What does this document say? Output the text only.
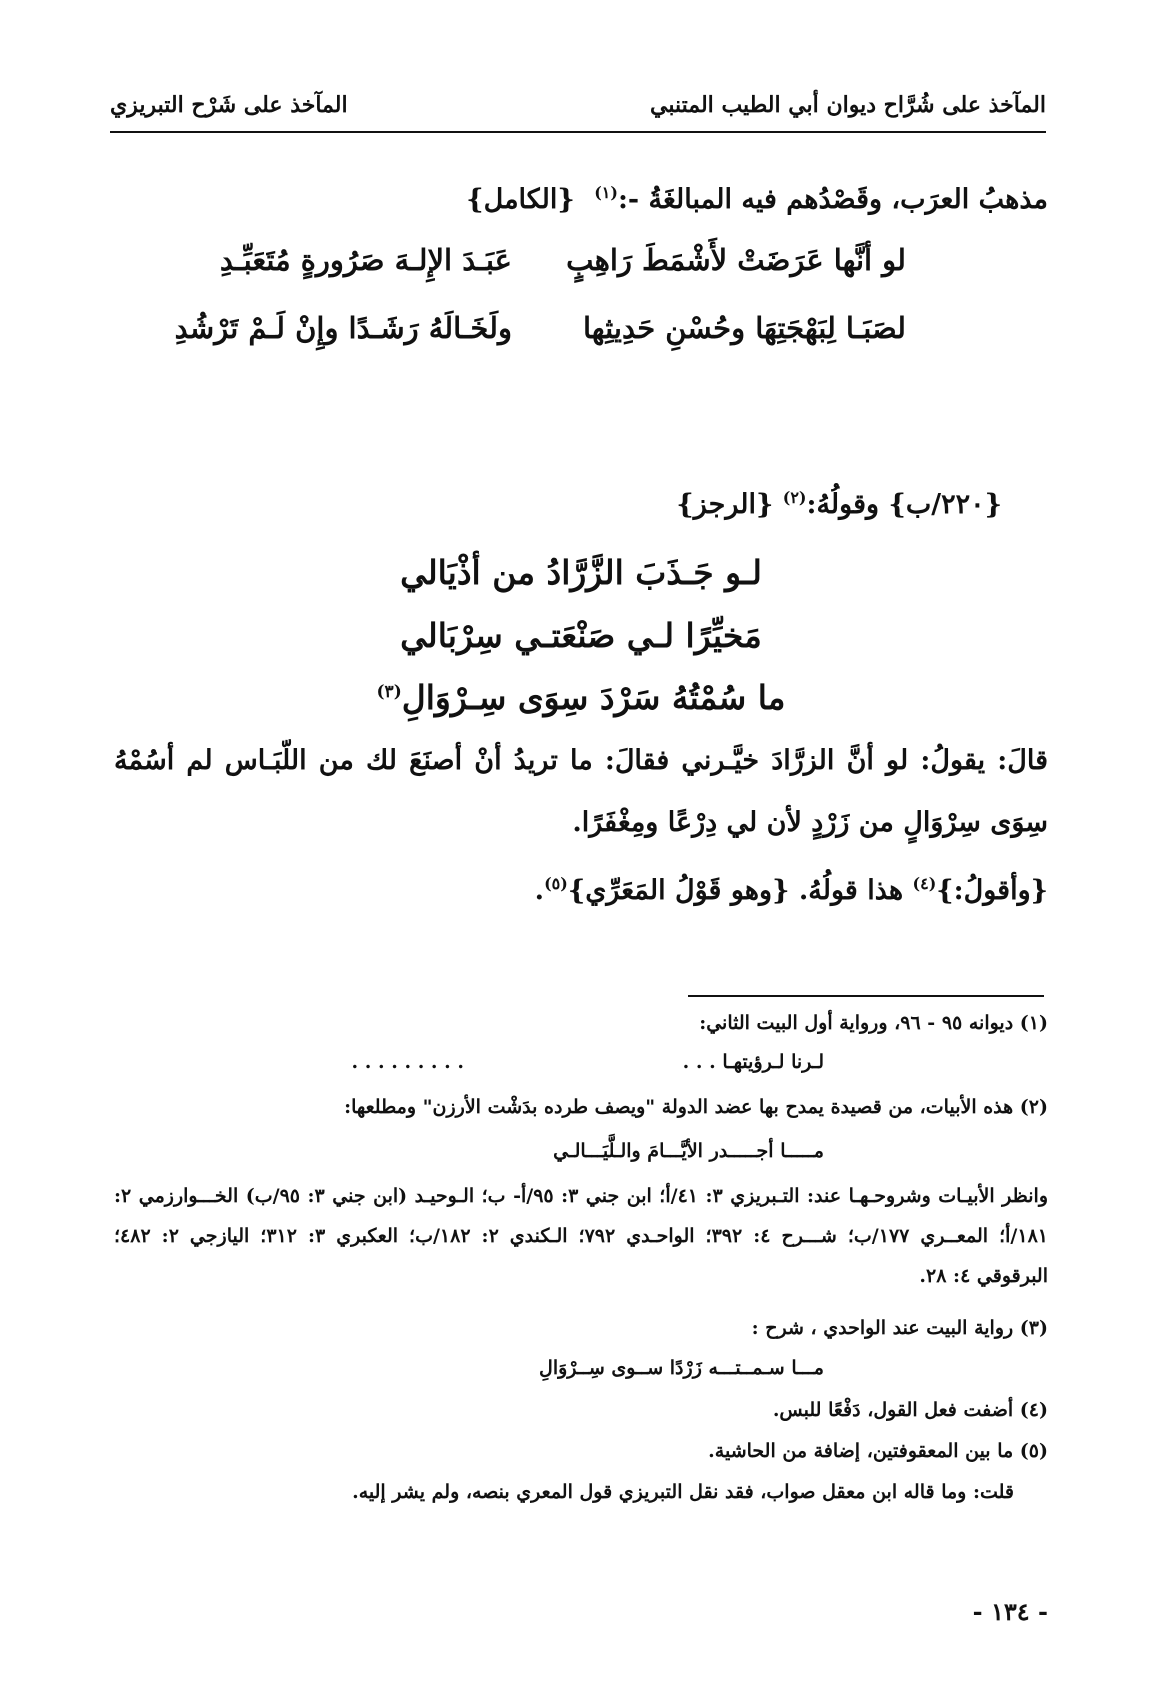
المآخذ على شُرَّاح ديوان أبي الطيب المتنبي
المآخذ على شَرْح التبريزي
مذهبُ العرَب، وقَصْدُهم فيه المبالغَةُ -:$^{(١)}$ {الكامل}
لو أنَّها عَرَضَتْ لأَشْمَطَ رَاهِبٍ
عَبَـدَ الإِلـهَ صَرُورةٍ مُتَعَبِّـدِ
لصَبَـا لِبَهْجَتِهَا وحُسْنِ حَدِيثِها
ولَخَـالَهُ رَشَـدًا وإِنْ لَـمْ تَرْشُدِ
{٢٢٠/ب} وقولُهُ:$^{(٢)}$ {الرجز}
لـو جَـذَبَ الزَّرَّادُ من أذْيَالي
مَخيِّرًا لـي صَنْعَتـي سِرْبَالي
ما سُمْتُهُ سَرْدَ سِوَى سِـرْوَالِ(٣)
قالَ: يقولُ: لو أنَّ الزرَّادَ خيَّـرني فقالَ: ما تريدُ أنْ أصنَعَ لك من اللّبَـاس لم أسُمْهُ سِوَى سِرْوَالٍ من زَرْدٍ لأن لي دِرْعًا ومِغْفَرًا.
{وأقولُ:}$^{(٤)}$ هذا قولُهُ. {وهو قَوْلُ المَعَرِّي}$^{(٥)}$.
(١) ديوانه ٩٥ - ٩٦، ورواية أول البيت الثاني:
لـرنا لـرؤيتهـا . . .
. . . . . . . . .
(٢) هذه الأبيات، من قصيدة يمدح بها عضد الدولة "ويصف طرده بدَشْت الأرزن" ومطلعها:
مـــــا أجـــــدر الأيَّـــامَ والـلَّيَـــالـي
وانظر الأبيـات وشروحـهـا عند: التـبريزي ٣: ٤١/أ؛ ابن جني ٣: ٩٥/أ- ب؛ الـوحيـد (ابن جني ٣: ٩٥/ب) الخـــوارزمي ٢: ١٨١/أ؛ المعــري ١٧٧/ب؛ شـــرح ٤: ٣٩٢؛ الواحـدي ٧٩٢؛ الـكندي ٢: ١٨٢/ب؛ العكبري ٣: ٣١٢؛ اليازجي ٢: ٤٨٢؛ البرقوقي ٤: ٢٨.
(٣) رواية البيت عند الواحدي ، شرح :
مـــا سـمــتـــه زَرْدًا ســوى سِــرْوَالِ
(٤) أضفت فعل القول، دَفْعًا للبس.
(٥) ما بين المعقوفتين، إضافة من الحاشية.
قلت: وما قاله ابن معقل صواب، فقد نقل التبريزي قول المعري بنصه، ولم يشر إليه.
- ١٣٤ -
